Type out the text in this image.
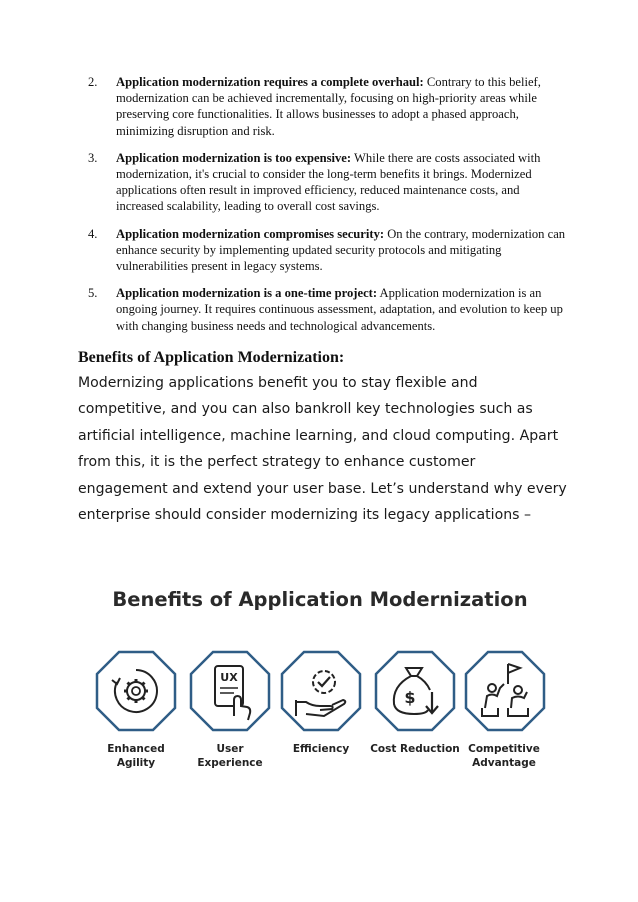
2.	Application modernization requires a complete overhaul: Contrary to this belief, modernization can be achieved incrementally, focusing on high-priority areas while preserving core functionalities. It allows businesses to adopt a phased approach, minimizing disruption and risk.
3.	Application modernization is too expensive: While there are costs associated with modernization, it's crucial to consider the long-term benefits it brings. Modernized applications often result in improved efficiency, reduced maintenance costs, and increased scalability, leading to overall cost savings.
4.	Application modernization compromises security: On the contrary, modernization can enhance security by implementing updated security protocols and mitigating vulnerabilities present in legacy systems.
5.	Application modernization is a one-time project: Application modernization is an ongoing journey. It requires continuous assessment, adaptation, and evolution to keep up with changing business needs and technological advancements.
Benefits of Application Modernization:

Modernizing applications benefit you to stay flexible and competitive, and you can also bankroll key technologies such as artificial intelligence, machine learning, and cloud computing. Apart from this, it is the perfect strategy to enhance customer engagement and extend your user base. Let’s understand why every enterprise should consider modernizing its legacy applications –

Benefits of Application Modernization
UX
$
Enhanced Agility
User Experience
Efficiency	Cost Reduction Competitive Advantage
